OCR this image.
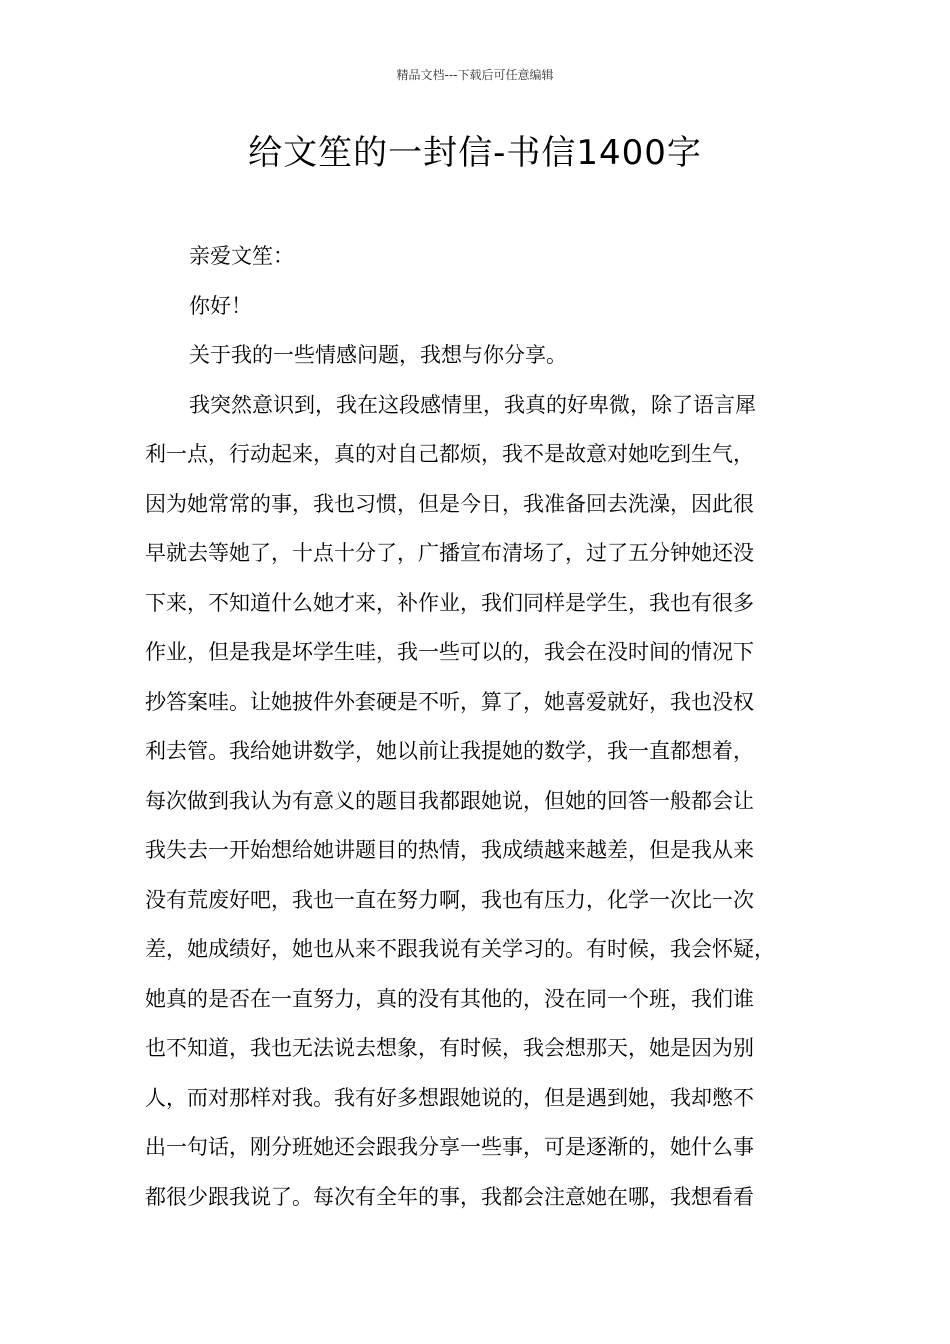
精品文档---下载后可任意编辑
给文笙的一封信-书信1400字
亲爱文笙：
你好！
关于我的一些情感问题，我想与你分享。
我突然意识到，我在这段感情里，我真的好卑微，除了语言犀
利一点，行动起来，真的对自己都烦，我不是故意对她吃到生气，
因为她常常的事，我也习惯，但是今日，我准备回去洗澡，因此很
早就去等她了，十点十分了，广播宣布清场了，过了五分钟她还没
下来，不知道什么她才来，补作业，我们同样是学生，我也有很多
作业，但是我是坏学生哇，我一些可以的，我会在没时间的情况下
抄答案哇。让她披件外套硬是不听，算了，她喜爱就好，我也没权
利去管。我给她讲数学，她以前让我提她的数学，我一直都想着，
每次做到我认为有意义的题目我都跟她说，但她的回答一般都会让
我失去一开始想给她讲题目的热情，我成绩越来越差，但是我从来
没有荒废好吧，我也一直在努力啊，我也有压力，化学一次比一次
差，她成绩好，她也从来不跟我说有关学习的。有时候，我会怀疑，
她真的是否在一直努力，真的没有其他的，没在同一个班，我们谁
也不知道，我也无法说去想象，有时候，我会想那天，她是因为别
人，而对那样对我。我有好多想跟她说的，但是遇到她，我却憋不
出一句话，刚分班她还会跟我分享一些事，可是逐渐的，她什么事
都很少跟我说了。每次有全年的事，我都会注意她在哪，我想看看
